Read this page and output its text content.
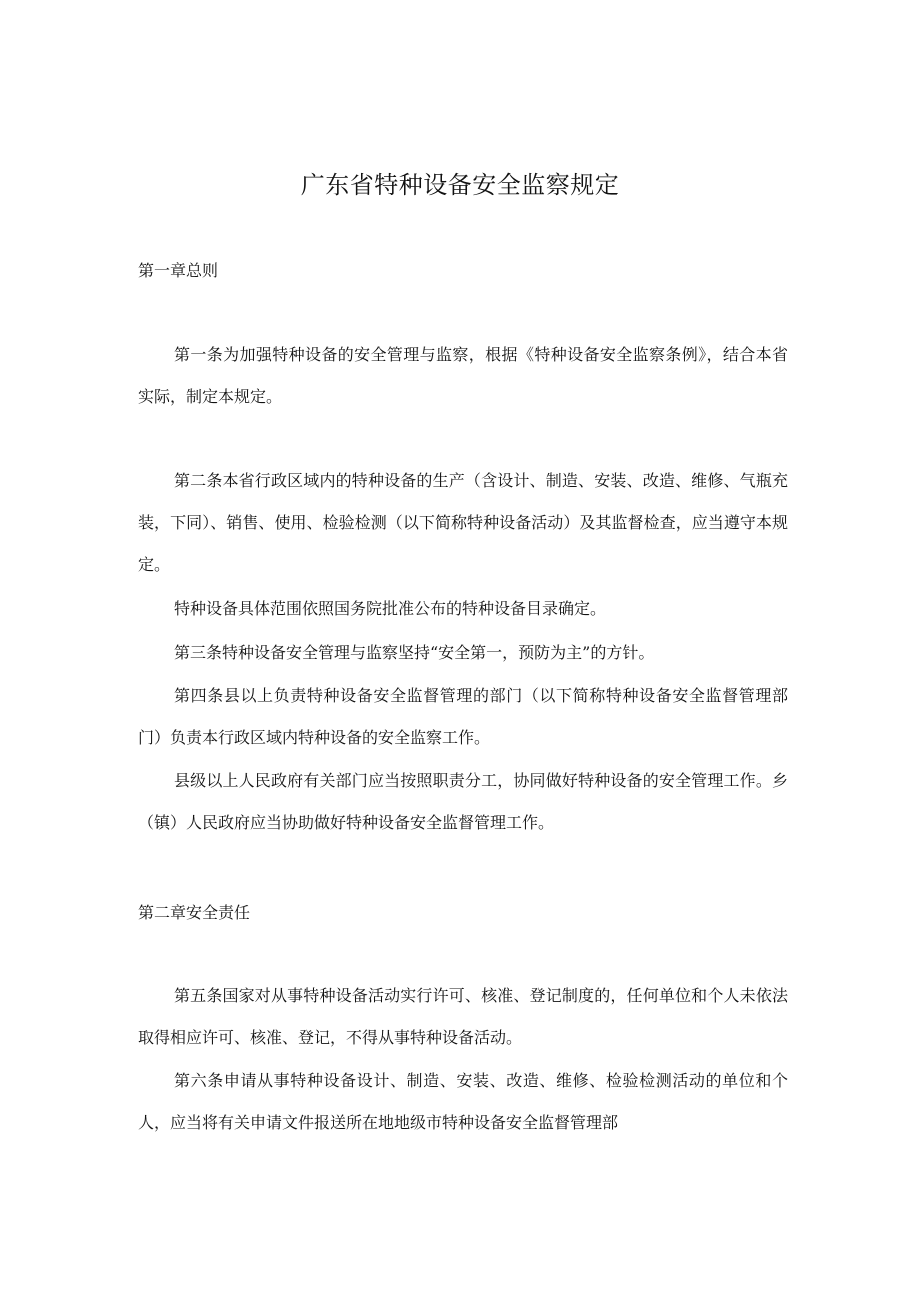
广东省特种设备安全监察规定
第一章总则

第一条为加强特种设备的安全管理与监察，根据《特种设备安全监察条例》，结合本省实际，制定本规定。

第二条本省行政区域内的特种设备的生产（含设计、制造、安装、改造、维修、气瓶充装，下同）、销售、使用、检验检测（以下简称特种设备活动）及其监督检查，应当遵守本规定。

特种设备具体范围依照国务院批准公布的特种设备目录确定。

第三条特种设备安全管理与监察坚持“安全第一，预防为主”的方针。

第四条县以上负责特种设备安全监督管理的部门（以下简称特种设备安全监督管理部门）负责本行政区域内特种设备的安全监察工作。

县级以上人民政府有关部门应当按照职责分工，协同做好特种设备的安全管理工作。乡（镇）人民政府应当协助做好特种设备安全监督管理工作。

第二章安全责任

第五条国家对从事特种设备活动实行许可、核准、登记制度的，任何单位和个人未依法取得相应许可、核准、登记，不得从事特种设备活动。

第六条申请从事特种设备设计、制造、安装、改造、维修、检验检测活动的单位和个人，应当将有关申请文件报送所在地地级市特种设备安全监督管理部
